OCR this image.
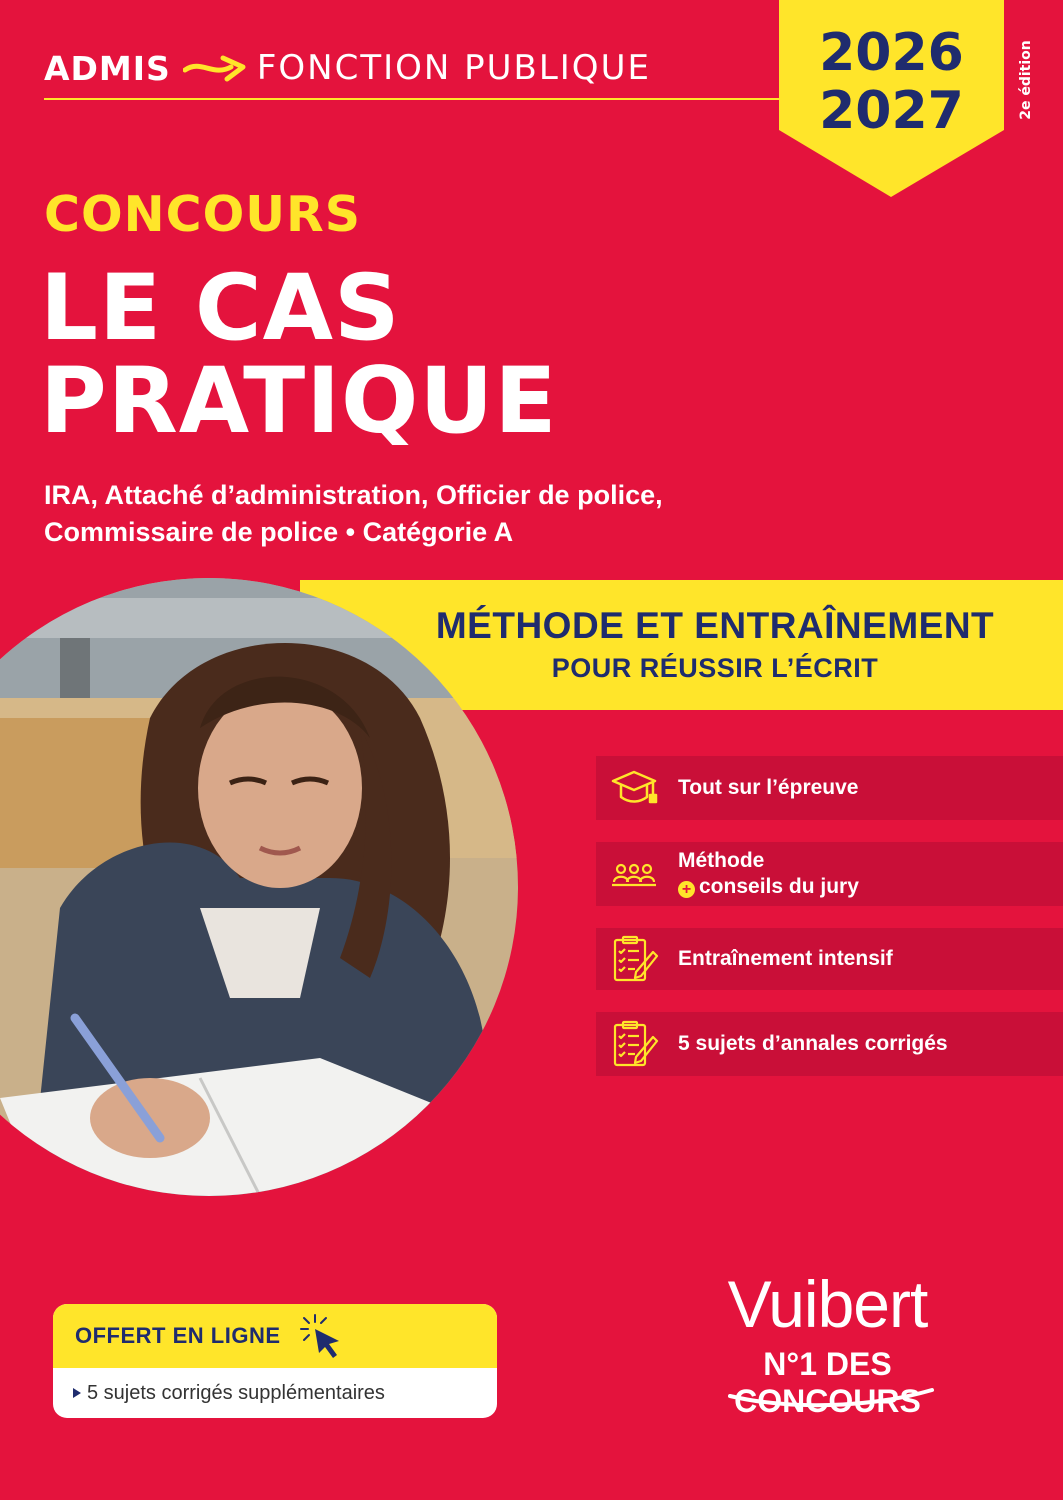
ADMIS	FONCTION PUBLIQUE	2026
2027	2e édition
CONCOURS
LE CAS
PRATIQUE
IRA, Attaché d’administration, Officier de police,
Commissaire de police • Catégorie A
MÉTHODE ET ENTRAÎNEMENT
POUR RÉUSSIR L’ÉCRIT
Tout sur l’épreuve
Méthode
+ conseils du jury
Entraînement intensif
5 sujets d’annales corrigés
OFFERT EN LIGNE
5 sujets corrigés supplémentaires
Vuibert
N°1 DES CONCOURS
